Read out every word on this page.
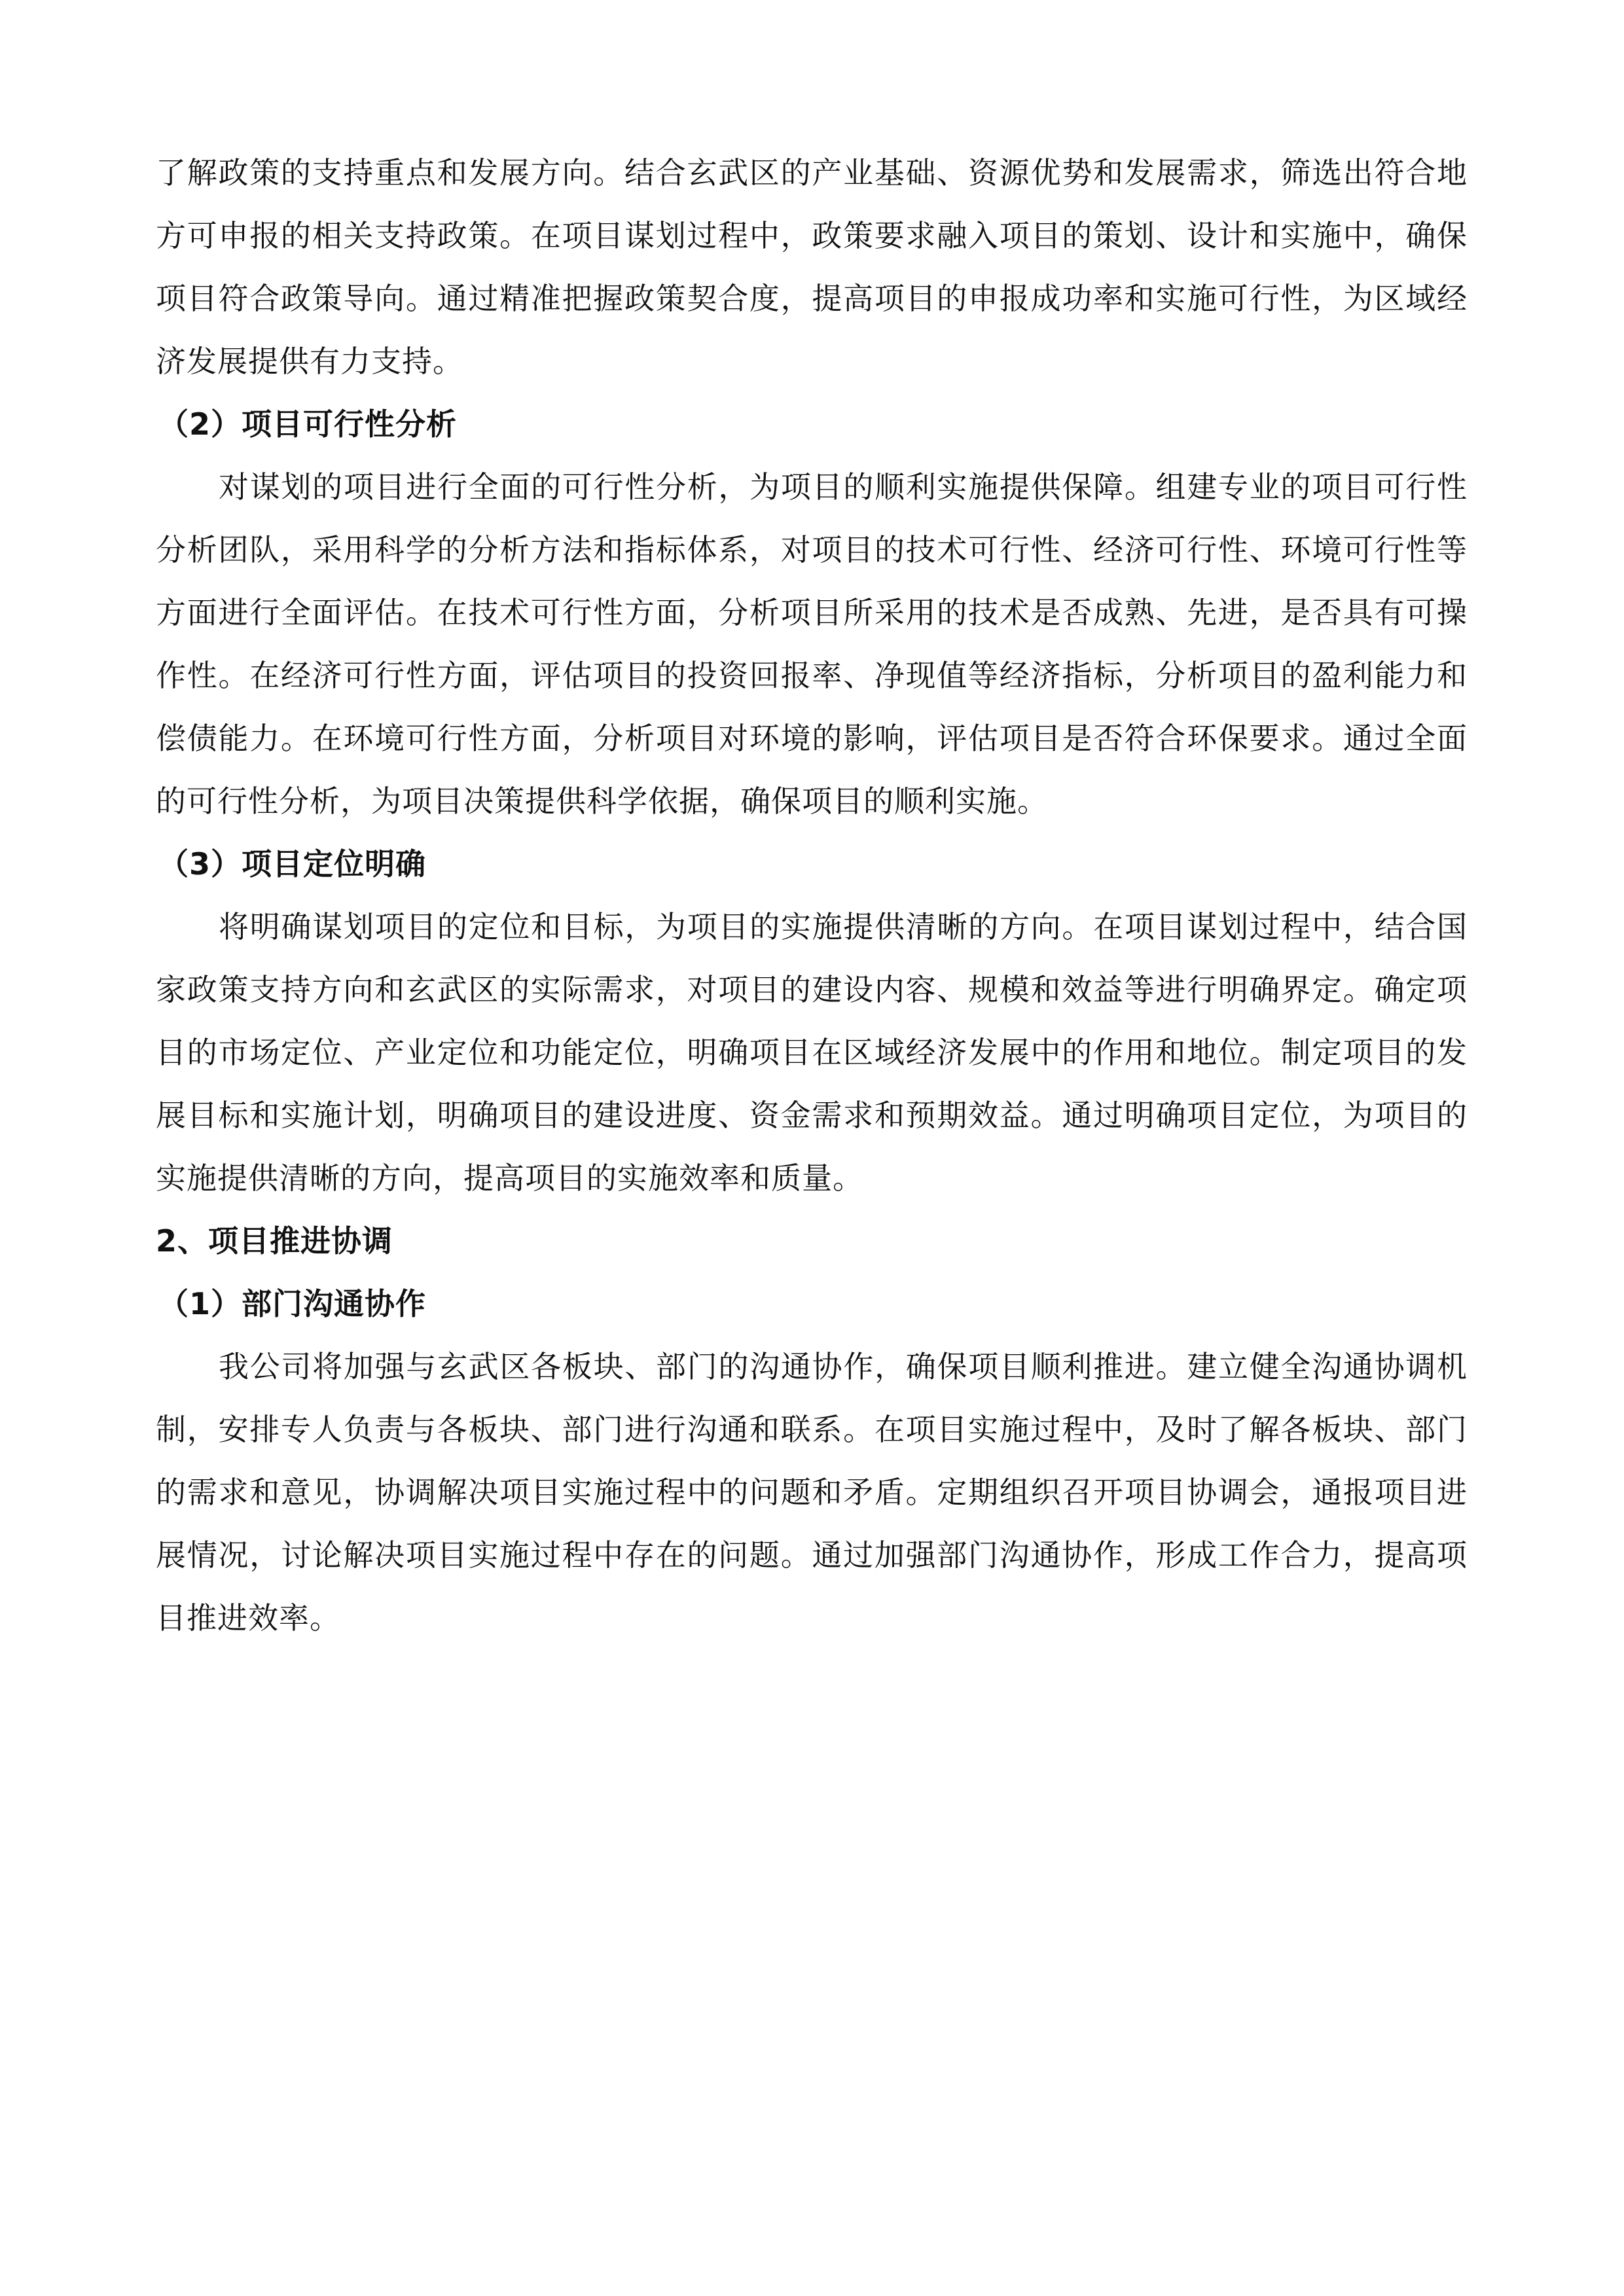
了解政策的支持重点和发展方向。结合玄武区的产业基础、资源优势和发展需求，筛选出符合地方可申报的相关支持政策。在项目谋划过程中，政策要求融入项目的策划、设计和实施中，确保项目符合政策导向。通过精准把握政策契合度，提高项目的申报成功率和实施可行性，为区域经济发展提供有力支持。

（2）项目可行性分析

对谋划的项目进行全面的可行性分析，为项目的顺利实施提供保障。组建专业的项目可行性分析团队，采用科学的分析方法和指标体系，对项目的技术可行性、经济可行性、环境可行性等方面进行全面评估。在技术可行性方面，分析项目所采用的技术是否成熟、先进，是否具有可操作性。在经济可行性方面，评估项目的投资回报率、净现值等经济指标，分析项目的盈利能力和偿债能力。在环境可行性方面，分析项目对环境的影响，评估项目是否符合环保要求。通过全面的可行性分析，为项目决策提供科学依据，确保项目的顺利实施。

（3）项目定位明确

将明确谋划项目的定位和目标，为项目的实施提供清晰的方向。在项目谋划过程中，结合国家政策支持方向和玄武区的实际需求，对项目的建设内容、规模和效益等进行明确界定。确定项目的市场定位、产业定位和功能定位，明确项目在区域经济发展中的作用和地位。制定项目的发展目标和实施计划，明确项目的建设进度、资金需求和预期效益。通过明确项目定位，为项目的实施提供清晰的方向，提高项目的实施效率和质量。

2、项目推进协调
（1）部门沟通协作

我公司将加强与玄武区各板块、部门的沟通协作，确保项目顺利推进。建立健全沟通协调机制，安排专人负责与各板块、部门进行沟通和联系。在项目实施过程中，及时了解各板块、部门的需求和意见，协调解决项目实施过程中的问题和矛盾。定期组织召开项目协调会，通报项目进展情况，讨论解决项目实施过程中存在的问题。通过加强部门沟通协作，形成工作合力，提高项目推进效率。
